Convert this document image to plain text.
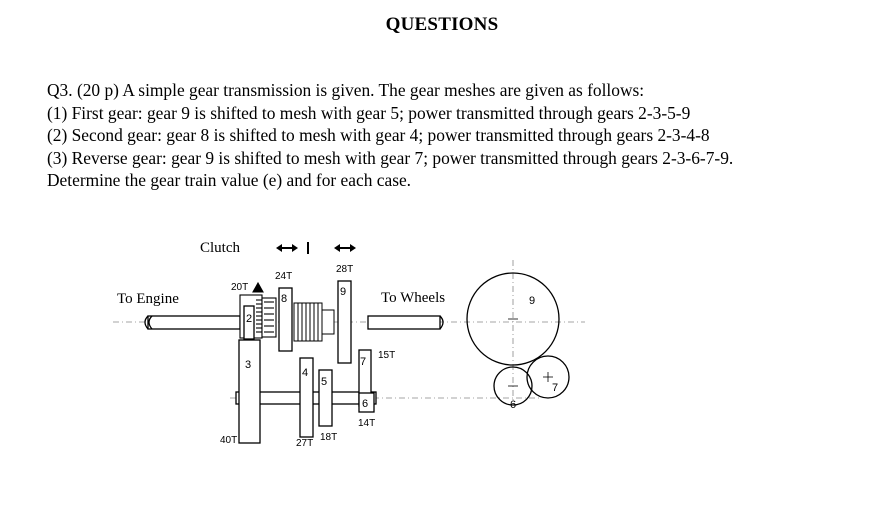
QUESTIONS
Q3. (20 p) A simple gear transmission is given. The gear meshes are given as follows:
(1) First gear: gear 9 is shifted to mesh with gear 5; power transmitted through gears 2-3-5-9
(2) Second gear: gear 8 is shifted to mesh with gear 4; power transmitted through gears 2-3-4-8
(3) Reverse gear: gear 9 is shifted to mesh with gear 7; power transmitted through gears 2-3-6-7-9.
Determine the gear train value (e) and for each case.
2
3
8
4
5
9
7
6
Clutch
To Engine	To Wheels
20T
24T
28T
40T	27T
18T
15T
14T
9
6
7
